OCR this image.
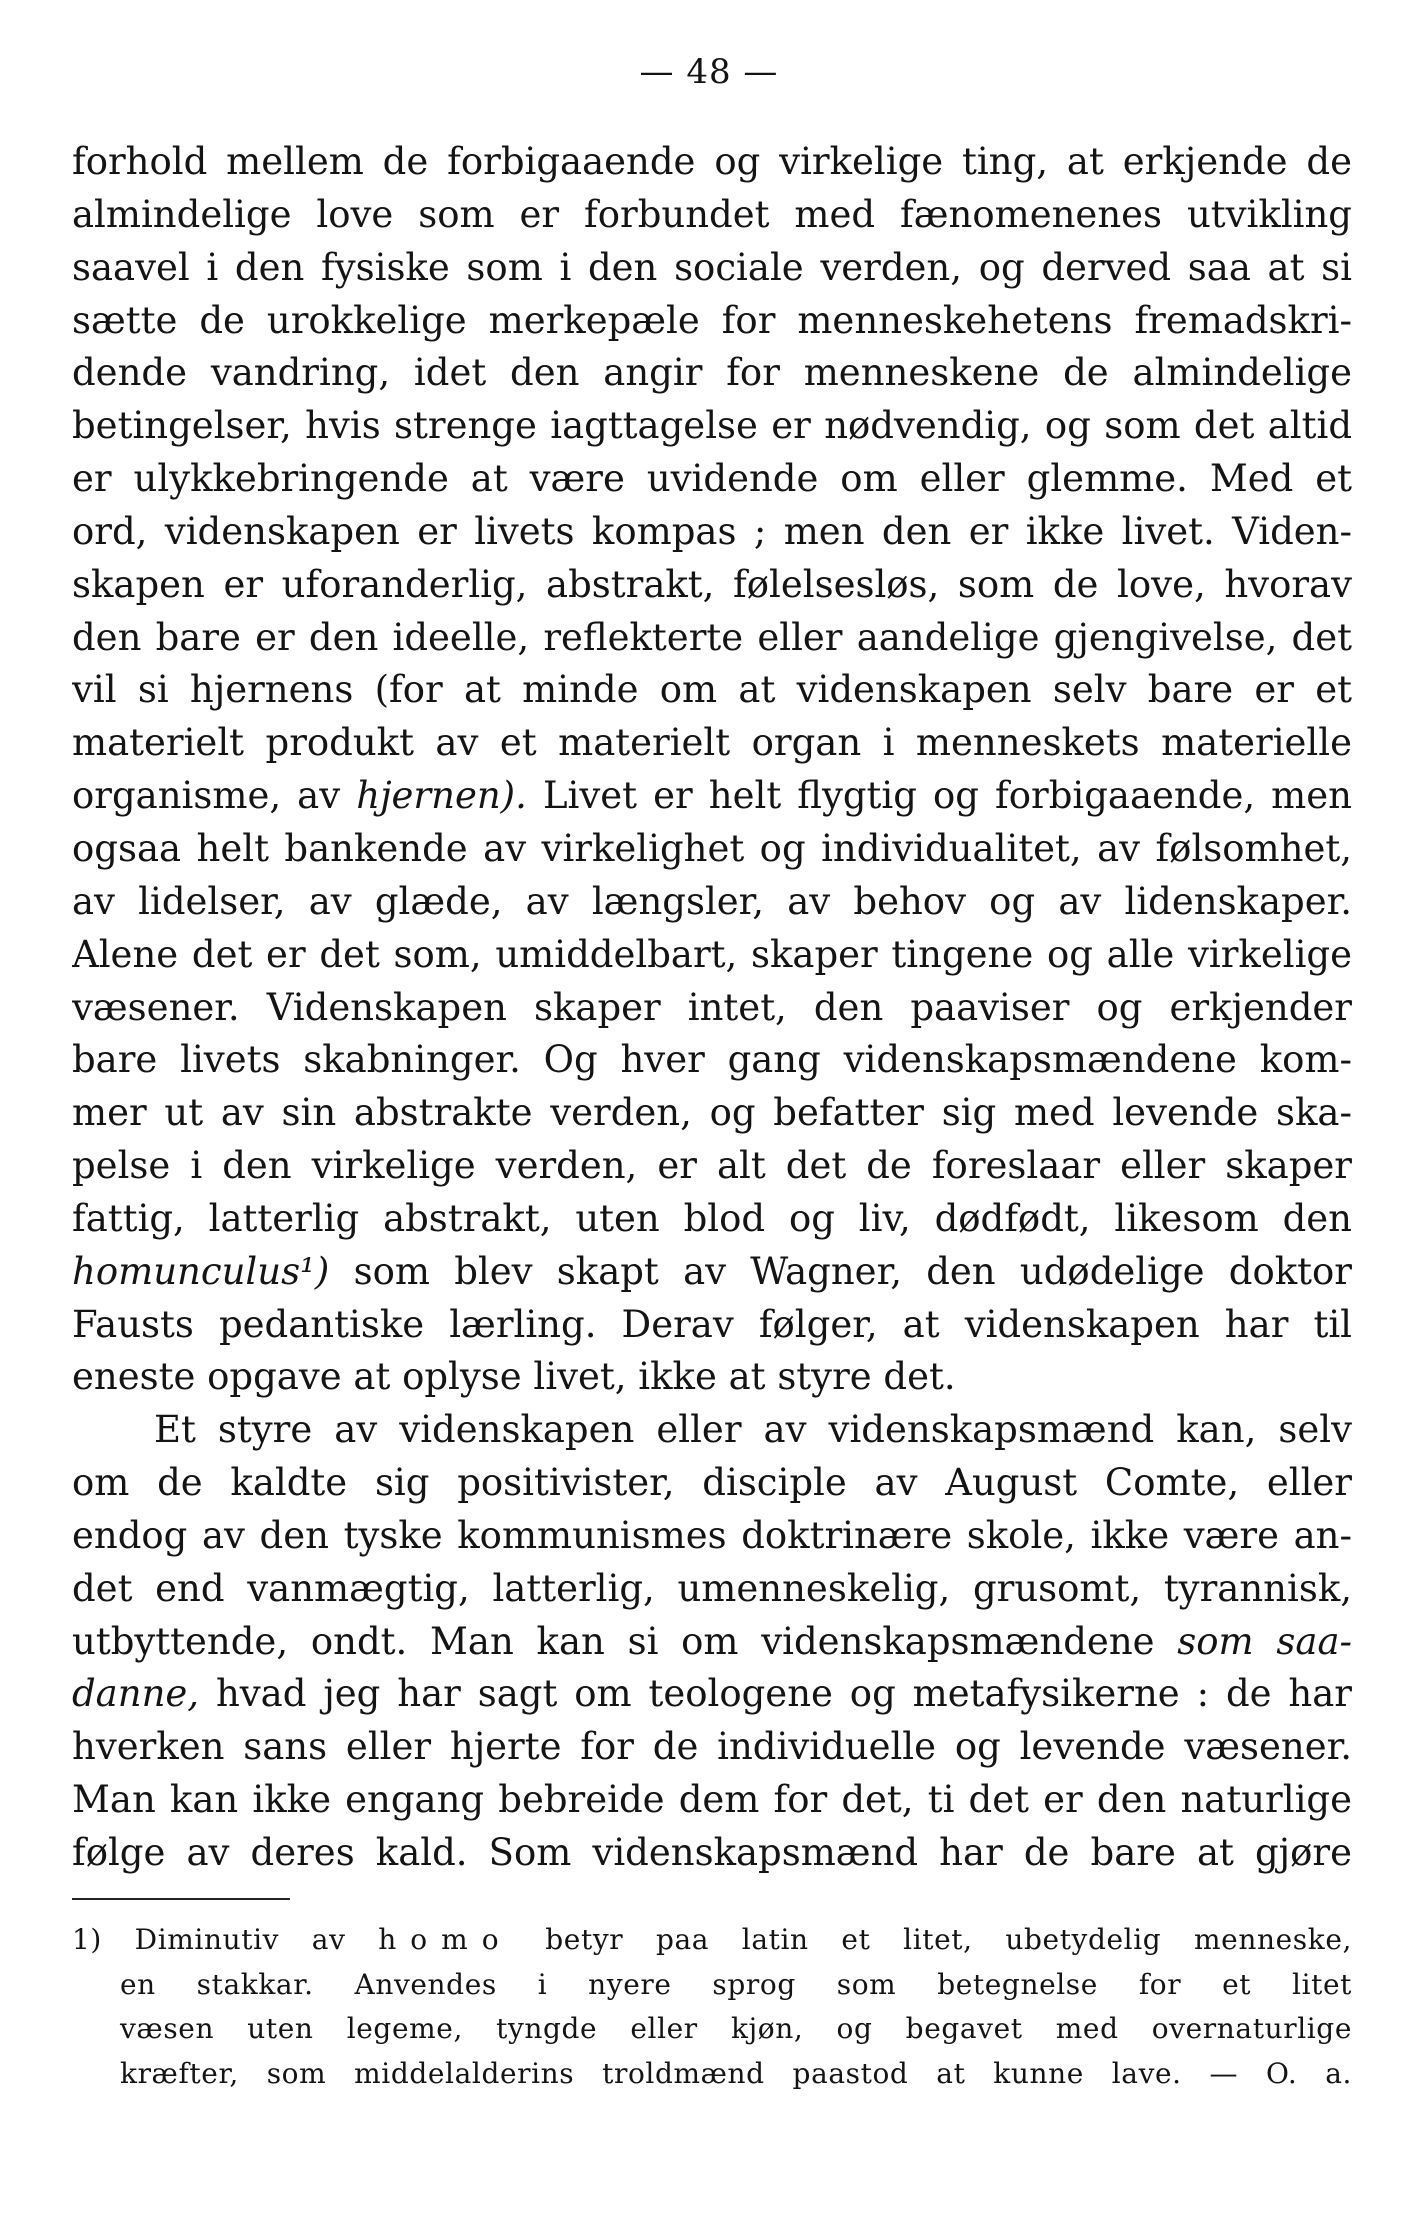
— 48 —
forhold mellem de forbigaaende og virkelige ting, at erkjende de
almindelige love som er forbundet med fænomenenes utvikling
saavel i den fysiske som i den sociale verden, og derved saa at si
sætte de urokkelige merkepæle for menneskehetens fremadskri-
dende vandring, idet den angir for menneskene de almindelige
betingelser, hvis strenge iagttagelse er nødvendig, og som det altid
er ulykkebringende at være uvidende om eller glemme. Med et
ord, videnskapen er livets kompas ; men den er ikke livet. Viden-
skapen er uforanderlig, abstrakt, følelsesløs, som de love, hvorav
den bare er den ideelle, reflekterte eller aandelige gjengivelse, det
vil si hjernens (for at minde om at videnskapen selv bare er et
materielt produkt av et materielt organ i menneskets materielle
organisme, av hjernen). Livet er helt flygtig og forbigaaende, men
ogsaa helt bankende av virkelighet og individualitet, av følsomhet,
av lidelser, av glæde, av længsler, av behov og av lidenskaper.
Alene det er det som, umiddelbart, skaper tingene og alle virkelige
væsener. Videnskapen skaper intet, den paaviser og erkjender
bare livets skabninger. Og hver gang videnskapsmændene kom-
mer ut av sin abstrakte verden, og befatter sig med levende ska-
pelse i den virkelige verden, er alt det de foreslaar eller skaper
fattig, latterlig abstrakt, uten blod og liv, dødfødt, likesom den
homunculus¹) som blev skapt av Wagner, den udødelige doktor
Fausts pedantiske lærling. Derav følger, at videnskapen har til
eneste opgave at oplyse livet, ikke at styre det.
Et styre av videnskapen eller av videnskapsmænd kan, selv
om de kaldte sig positivister, disciple av August Comte, eller
endog av den tyske kommunismes doktrinære skole, ikke være an-
det end vanmægtig, latterlig, umenneskelig, grusomt, tyrannisk,
utbyttende, ondt. Man kan si om videnskapsmændene som saa-
danne, hvad jeg har sagt om teologene og metafysikerne : de har
hverken sans eller hjerte for de individuelle og levende væsener.
Man kan ikke engang bebreide dem for det, ti det er den naturlige
følge av deres kald. Som videnskapsmænd har de bare at gjøre
1) Diminutiv av homo betyr paa latin et litet, ubetydelig menneske,
en stakkar. Anvendes i nyere sprog som betegnelse for et litet
væsen uten legeme, tyngde eller kjøn, og begavet med overnaturlige
kræfter, som middelalderins troldmænd paastod at kunne lave. — O. a.
